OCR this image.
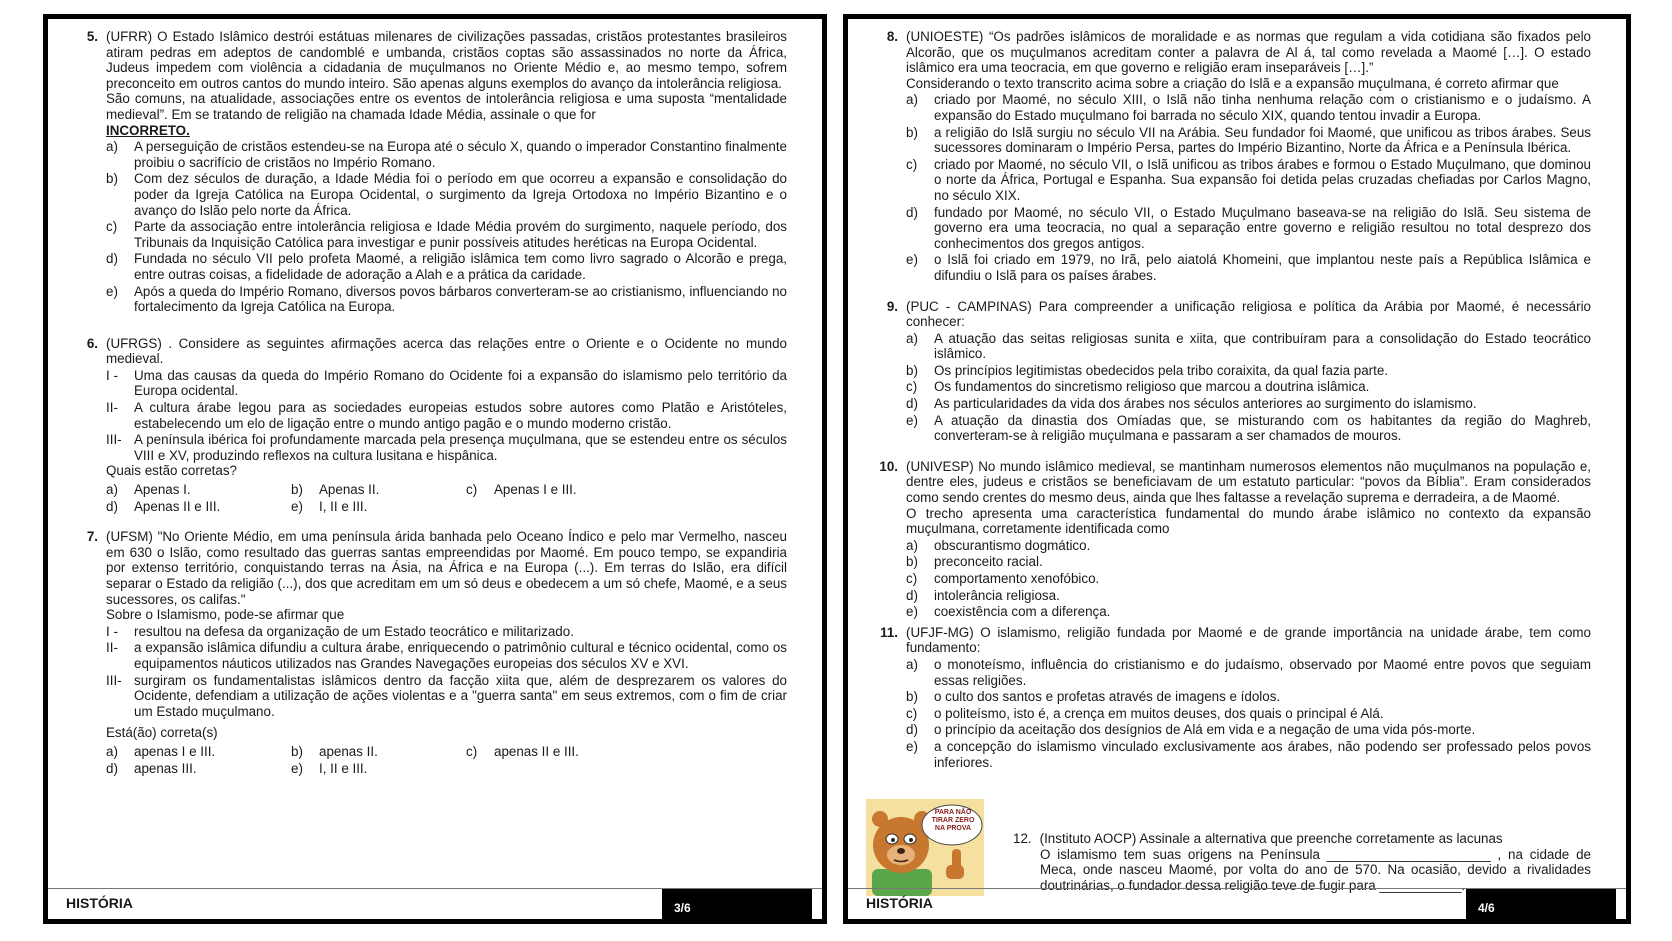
5. (UFRR) O Estado Islâmico destrói estátuas milenares de civilizações passadas, cristãos protestantes brasileiros atiram pedras em adeptos de candomblé e umbanda, cristãos coptas são assassinados no norte da África, Judeus impedem com violência a cidadania de muçulmanos no Oriente Médio e, ao mesmo tempo, sofrem preconceito em outros cantos do mundo inteiro. São apenas alguns exemplos do avanço da intolerância religiosa.

São comuns, na atualidade, associações entre os eventos de intolerância religiosa e uma suposta “mentalidade medieval”. Em se tratando de religião na chamada Idade Média, assinale o que for
INCORRETO.

a)	A perseguição de cristãos estendeu-se na Europa até o século X, quando o imperador Constantino finalmente proibiu o sacrifício de cristãos no Império Romano.
b)	Com dez séculos de duração, a Idade Média foi o período em que ocorreu a expansão e consolidação do poder da Igreja Católica na Europa Ocidental, o surgimento da Igreja Ortodoxa no Império Bizantino e o avanço do Islão pelo norte da África.
c)	Parte da associação entre intolerância religiosa e Idade Média provém do surgimento, naquele período, dos Tribunais da Inquisição Católica para investigar e punir possíveis atitudes heréticas na Europa Ocidental.
d)	Fundada no século VII pelo profeta Maomé, a religião islâmica tem como livro sagrado o Alcorão e prega, entre outras coisas, a fidelidade de adoração a Alah e a prática da caridade.
e)	Após a queda do Império Romano, diversos povos bárbaros converteram-se ao cristianismo, influenciando no fortalecimento da Igreja Católica na Europa.
6. (UFRGS) . Considere as seguintes afirmações acerca das relações entre o Oriente e o Ocidente no mundo medieval.

I -	Uma das causas da queda do Império Romano do Ocidente foi a expansão do islamismo pelo território da Europa ocidental.
II-	A cultura árabe legou para as sociedades europeias estudos sobre autores como Platão e Aristóteles, estabelecendo um elo de ligação entre o mundo antigo pagão e o mundo moderno cristão.
III- A península ibérica foi profundamente marcada pela presença muçulmana, que se estendeu entre os séculos VIII e XV, produzindo reflexos na cultura lusitana e hispânica.

Quais estão corretas?

a)	Apenas I.	b)	Apenas II.	c)	Apenas I e III.
d)	Apenas II e III.	e)	I, II e III.
7. (UFSM) "No Oriente Médio, em uma península árida banhada pelo Oceano Índico e pelo mar Vermelho, nasceu em 630 o Islão, como resultado das guerras santas empreendidas por Maomé. Em pouco tempo, se expandiria por extenso território, conquistando terras na Ásia, na África e na Europa (...). Em terras do Islão, era difícil separar o Estado da religião (...), dos que acreditam em um só deus e obedecem a um só chefe, Maomé, e a seus sucessores, os califas."

Sobre o Islamismo, pode-se afirmar que

I -	resultou na defesa da organização de um Estado teocrático e militarizado.
II-	a expansão islâmica difundiu a cultura árabe, enriquecendo o patrimônio cultural e técnico ocidental, como os equipamentos náuticos utilizados nas Grandes Navegações europeias dos séculos XV e XVI.
III- surgiram os fundamentalistas islâmicos dentro da facção xiita que, além de desprezarem os valores do Ocidente, defendiam a utilização de ações violentas e a "guerra santa" em seus extremos, com o fim de criar um Estado muçulmano.

Está(ão) correta(s)

a)	apenas I e III.	b)	apenas II.	c)	apenas II e III.
d)	apenas III.	e)	I, II e III.
HISTÓRIA	3/6
8. (UNIOESTE) “Os padrões islâmicos de moralidade e as normas que regulam a vida cotidiana são fixados pelo Alcorão, que os muçulmanos acreditam conter a palavra de Al á, tal como revelada a Maomé […]. O estado islâmico era uma teocracia, em que governo e religião eram inseparáveis […].”

Considerando o texto transcrito acima sobre a criação do Islã e a expansão muçulmana, é correto afirmar que

a)	criado por Maomé, no século XIII, o Islã não tinha nenhuma relação com o cristianismo e o judaísmo. A expansão do Estado muçulmano foi barrada no século XIX, quando tentou invadir a Europa.
b)	a religião do Islã surgiu no século VII na Arábia. Seu fundador foi Maomé, que unificou as tribos árabes. Seus sucessores dominaram o Império Persa, partes do Império Bizantino, Norte da África e a Península Ibérica.
c)	criado por Maomé, no século VII, o Islã unificou as tribos árabes e formou o Estado Muçulmano, que dominou o norte da África, Portugal e Espanha. Sua expansão foi detida pelas cruzadas chefiadas por Carlos Magno, no século XIX.
d)	fundado por Maomé, no século VII, o Estado Muçulmano baseava-se na religião do Islã. Seu sistema de governo era uma teocracia, no qual a separação entre governo e religião resultou no total desprezo dos conhecimentos dos gregos antigos.
e)	o Islã foi criado em 1979, no Irã, pelo aiatolá Khomeini, que implantou neste país a República Islâmica e difundiu o Islã para os países árabes.
9. (PUC - CAMPINAS) Para compreender a unificação religiosa e política da Arábia por Maomé, é necessário conhecer:

a)	A atuação das seitas religiosas sunita e xiita, que contribuíram para a consolidação do Estado teocrático islâmico.
b)	Os princípios legitimistas obedecidos pela tribo coraixita, da qual fazia parte.
c)	Os fundamentos do sincretismo religioso que marcou a doutrina islâmica.
d)	As particularidades da vida dos árabes nos séculos anteriores ao surgimento do islamismo.
e)	A atuação da dinastia dos Omíadas que, se misturando com os habitantes da região do Maghreb, converteram-se à religião muçulmana e passaram a ser chamados de mouros.
10. (UNIVESP) No mundo islâmico medieval, se mantinham numerosos elementos não muçulmanos na população e, dentre eles, judeus e cristãos se beneficiavam de um estatuto particular: “povos da Bíblia”. Eram considerados como sendo crentes do mesmo deus, ainda que lhes faltasse a revelação suprema e derradeira, a de Maomé.

O trecho apresenta uma característica fundamental do mundo árabe islâmico no contexto da expansão muçulmana, corretamente identificada como

a)	obscurantismo dogmático.
b)	preconceito racial.
c)	comportamento xenofóbico.
d)	intolerância religiosa.
e)	coexistência com a diferença.
11. (UFJF-MG) O islamismo, religião fundada por Maomé e de grande importância na unidade árabe, tem como fundamento:

a)	o monoteísmo, influência do cristianismo e do judaísmo, observado por Maomé entre povos que seguiam essas religiões.
b)	o culto dos santos e profetas através de imagens e ídolos.
c)	o politeísmo, isto é, a crença em muitos deuses, dos quais o principal é Alá.
d)	o princípio da aceitação dos desígnios de Alá em vida e a negação de uma vida pós-morte.
e)	a concepção do islamismo vinculado exclusivamente aos árabes, não podendo ser professado pelos povos inferiores.
PARA NÃO TIRAR ZERO NA PROVA
12. (Instituto AOCP) Assinale a alternativa que preenche corretamente as lacunas
O islamismo tem suas origens na Península ______________________ , na cidade de Meca, onde nasceu Maomé, por volta do ano de 570. Na ocasião, devido a rivalidades doutrinárias, o fundador dessa religião teve de fugir para ___________.
HISTÓRIA	4/6
